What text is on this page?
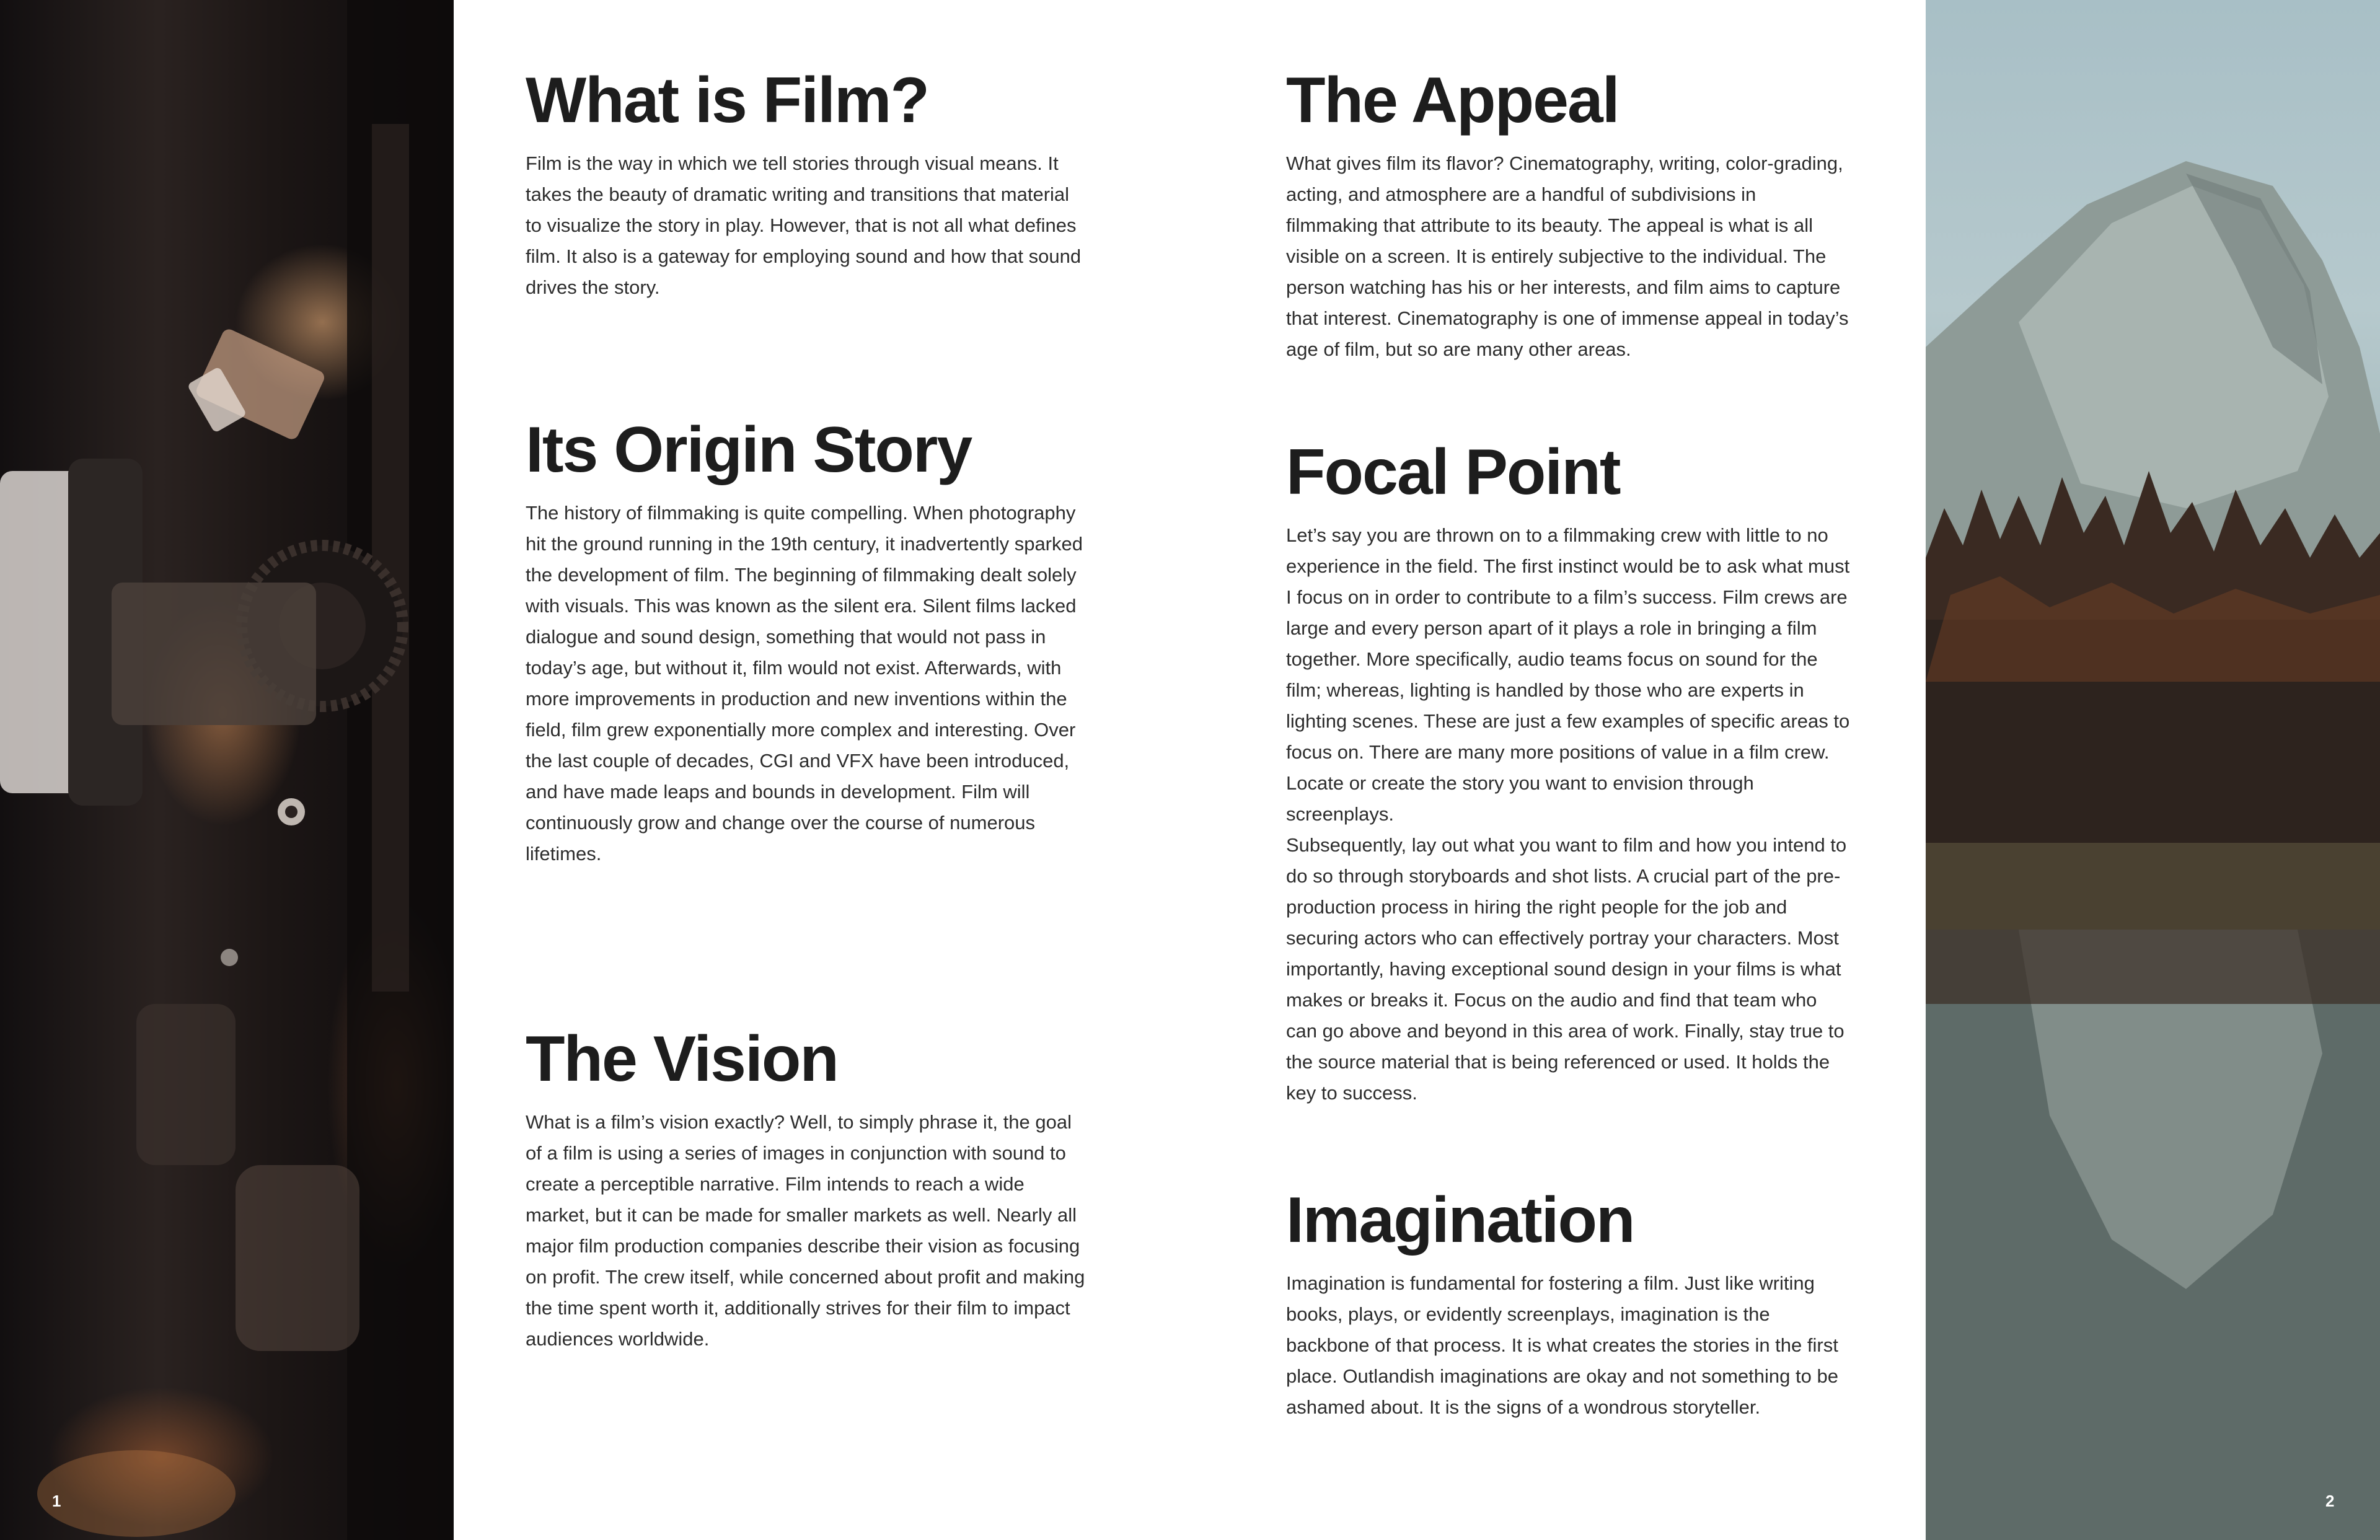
1
What is Film?

Film is the way in which we tell stories through visual means. It takes the beauty of dramatic writing and transitions that material to visualize the story in play. However, that is not all what defines film. It also is a gateway for employing sound and how that sound drives the story.

Its Origin Story

The history of filmmaking is quite compelling. When photography hit the ground running in the 19th century, it inadvertently sparked the development of film. The beginning of filmmaking dealt solely with visuals. This was known as the silent era. Silent films lacked dialogue and sound design, something that would not pass in today’s age, but without it, film would not exist. Afterwards, with more improvements in production and new inventions within the field, film grew exponentially more complex and interesting. Over the last couple of decades, CGI and VFX have been introduced, and have made leaps and bounds in development. Film will continuously grow and change over the course of numerous lifetimes.

The Vision

What is a film’s vision exactly? Well, to simply phrase it, the goal of a film is using a series of images in conjunction with sound to create a perceptible narrative. Film intends to reach a wide market, but it can be made for smaller markets as well. Nearly all major film production companies describe their vision as focusing on profit. The crew itself, while concerned about profit and making the time spent worth it, additionally strives for their film to impact audiences worldwide.

The Appeal

What gives film its flavor? Cinematography, writing, color-grading, acting, and atmosphere are a handful of subdivisions in filmmaking that attribute to its beauty. The appeal is what is all visible on a screen. It is entirely subjective to the individual. The person watching has his or her interests, and film aims to capture that interest. Cinematography is one of immense appeal in today’s age of film, but so are many other areas.

Focal Point

Let’s say you are thrown on to a filmmaking crew with little to no experience in the field. The first instinct would be to ask what must I focus on in order to contribute to a film’s success. Film crews are large and every person apart of it plays a role in bringing a film together. More specifically, audio teams focus on sound for the film; whereas, lighting is handled by those who are experts in lighting scenes. These are just a few examples of specific areas to focus on. There are many more positions of value in a film crew. Locate or create the story you want to envision through screenplays.
Subsequently, lay out what you want to film and how you intend to do so through storyboards and shot lists. A crucial part of the pre-production process in hiring the right people for the job and securing actors who can effectively portray your characters. Most importantly, having exceptional sound design in your films is what makes or breaks it. Focus on the audio and find that team who can go above and beyond in this area of work. Finally, stay true to the source material that is being referenced or used. It holds the key to success.

Imagination

Imagination is fundamental for fostering a film. Just like writing books, plays, or evidently screenplays, imagination is the backbone of that process. It is what creates the stories in the first place. Outlandish imaginations are okay and not something to be ashamed about. It is the signs of a wondrous storyteller.

2
